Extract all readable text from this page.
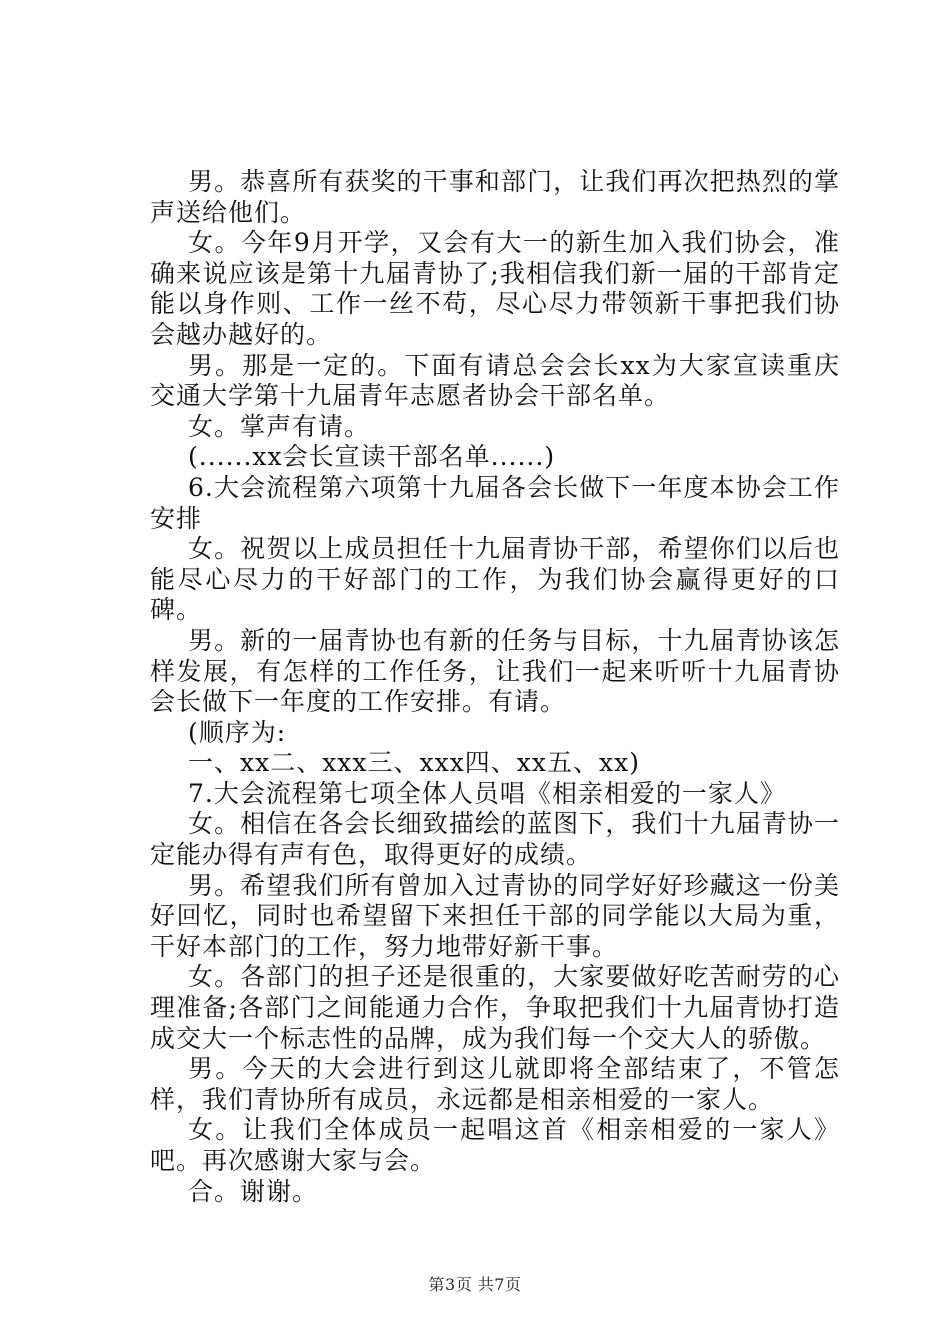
男。恭喜所有获奖的干事和部门，让我们再次把热烈的掌声送给他们。

女。今年9月开学，又会有大一的新生加入我们协会，准确来说应该是第十九届青协了;我相信我们新一届的干部肯定能以身作则、工作一丝不苟，尽心尽力带领新干事把我们协会越办越好的。

男。那是一定的。下面有请总会会长xx为大家宣读重庆交通大学第十九届青年志愿者协会干部名单。

女。掌声有请。

(......xx会长宣读干部名单......)

6.大会流程第六项第十九届各会长做下一年度本协会工作安排

女。祝贺以上成员担任十九届青协干部，希望你们以后也能尽心尽力的干好部门的工作，为我们协会赢得更好的口碑。

男。新的一届青协也有新的任务与目标，十九届青协该怎样发展，有怎样的工作任务，让我们一起来听听十九届青协会长做下一年度的工作安排。有请。

(顺序为:

一、xx二、xxx三、xxx四、xx五、xx)

7.大会流程第七项全体人员唱《相亲相爱的一家人》

女。相信在各会长细致描绘的蓝图下，我们十九届青协一定能办得有声有色，取得更好的成绩。

男。希望我们所有曾加入过青协的同学好好珍藏这一份美好回忆，同时也希望留下来担任干部的同学能以大局为重，干好本部门的工作，努力地带好新干事。

女。各部门的担子还是很重的，大家要做好吃苦耐劳的心理准备;各部门之间能通力合作，争取把我们十九届青协打造成交大一个标志性的品牌，成为我们每一个交大人的骄傲。

男。今天的大会进行到这儿就即将全部结束了，不管怎样，我们青协所有成员，永远都是相亲相爱的一家人。

女。让我们全体成员一起唱这首《相亲相爱的一家人》吧。再次感谢大家与会。

合。谢谢。

第3页 共7页
